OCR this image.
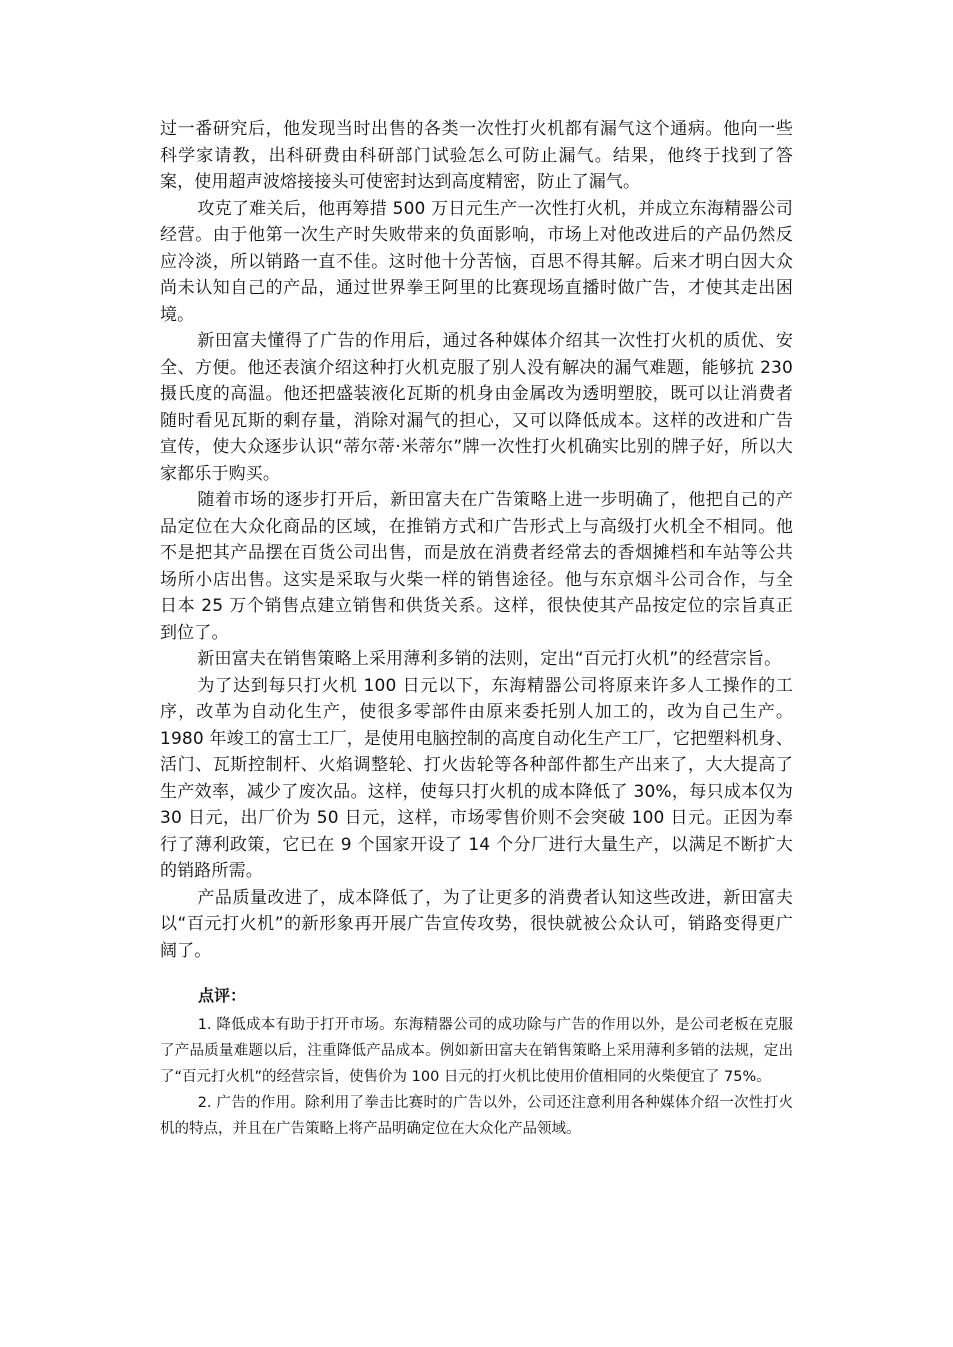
过一番研究后，他发现当时出售的各类一次性打火机都有漏气这个通病。他向一些科学家请教，出科研费由科研部门试验怎么可防止漏气。结果，他终于找到了答案，使用超声波熔接接头可使密封达到高度精密，防止了漏气。

攻克了难关后，他再筹措 500 万日元生产一次性打火机，并成立东海精器公司经营。由于他第一次生产时失败带来的负面影响，市场上对他改进后的产品仍然反应冷淡，所以销路一直不佳。这时他十分苦恼，百思不得其解。后来才明白因大众尚未认知自己的产品，通过世界拳王阿里的比赛现场直播时做广告，才使其走出困境。

新田富夫懂得了广告的作用后，通过各种媒体介绍其一次性打火机的质优、安全、方便。他还表演介绍这种打火机克服了别人没有解决的漏气难题，能够抗 230 摄氏度的高温。他还把盛装液化瓦斯的机身由金属改为透明塑胶，既可以让消费者随时看见瓦斯的剩存量，消除对漏气的担心，又可以降低成本。这样的改进和广告宣传，使大众逐步认识“蒂尔蒂·米蒂尔”牌一次性打火机确实比别的牌子好，所以大家都乐于购买。

随着市场的逐步打开后，新田富夫在广告策略上进一步明确了，他把自己的产品定位在大众化商品的区域，在推销方式和广告形式上与高级打火机全不相同。他不是把其产品摆在百货公司出售，而是放在消费者经常去的香烟摊档和车站等公共场所小店出售。这实是采取与火柴一样的销售途径。他与东京烟斗公司合作，与全日本 25 万个销售点建立销售和供货关系。这样，很快使其产品按定位的宗旨真正到位了。

新田富夫在销售策略上采用薄利多销的法则，定出“百元打火机”的经营宗旨。

为了达到每只打火机 100 日元以下，东海精器公司将原来许多人工操作的工序，改革为自动化生产，使很多零部件由原来委托别人加工的，改为自己生产。1980 年竣工的富士工厂，是使用电脑控制的高度自动化生产工厂，它把塑料机身、活门、瓦斯控制杆、火焰调整轮、打火齿轮等各种部件都生产出来了，大大提高了生产效率，减少了废次品。这样，使每只打火机的成本降低了 30%，每只成本仅为 30 日元，出厂价为 50 日元，这样，市场零售价则不会突破 100 日元。正因为奉行了薄利政策，它已在 9 个国家开设了 14 个分厂进行大量生产，以满足不断扩大的销路所需。

产品质量改进了，成本降低了，为了让更多的消费者认知这些改进，新田富夫以“百元打火机”的新形象再开展广告宣传攻势，很快就被公众认可，销路变得更广阔了。

点评：

1. 降低成本有助于打开市场。东海精器公司的成功除与广告的作用以外，是公司老板在克服了产品质量难题以后，注重降低产品成本。例如新田富夫在销售策略上采用薄利多销的法规，定出了“百元打火机”的经营宗旨，使售价为 100 日元的打火机比使用价值相同的火柴便宜了 75%。

2. 广告的作用。除利用了拳击比赛时的广告以外，公司还注意利用各种媒体介绍一次性打火机的特点，并且在广告策略上将产品明确定位在大众化产品领域。
